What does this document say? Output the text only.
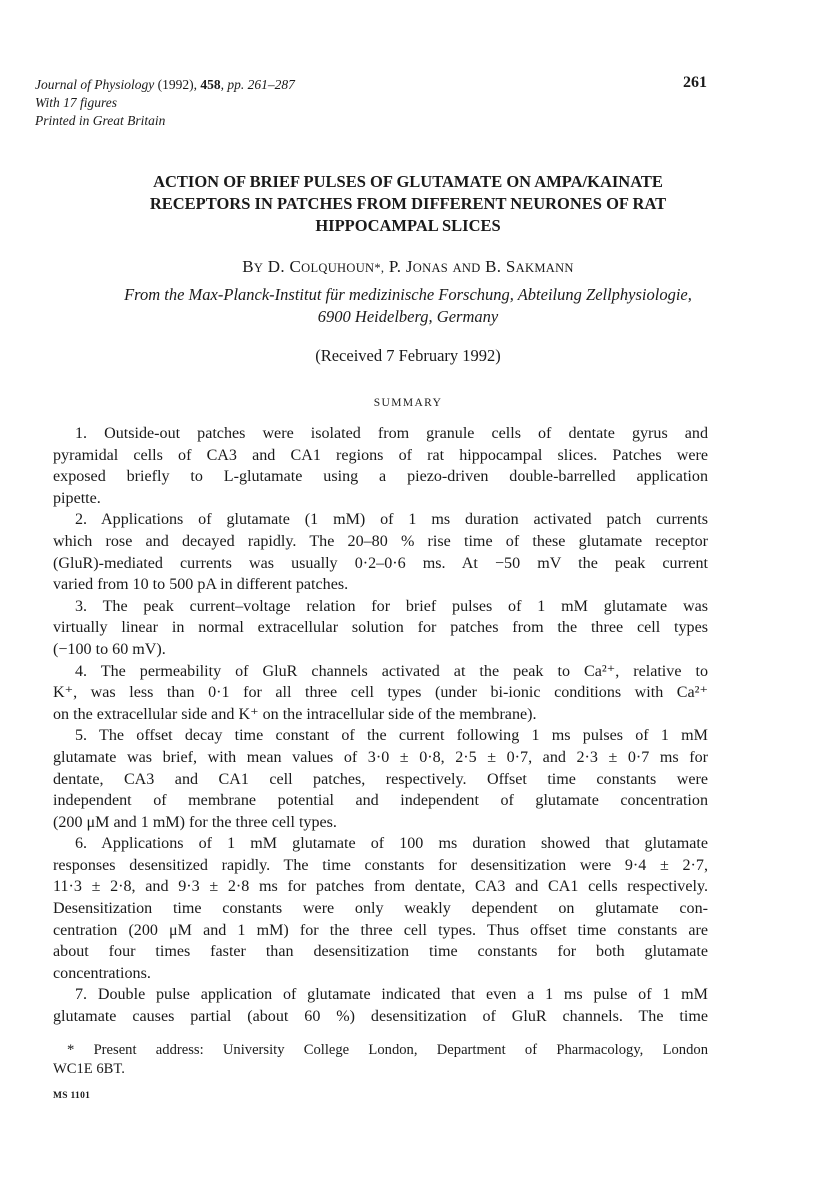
Journal of Physiology (1992), 458, pp. 261–287
With 17 figures
Printed in Great Britain
261
ACTION OF BRIEF PULSES OF GLUTAMATE ON AMPA/KAINATE
RECEPTORS IN PATCHES FROM DIFFERENT NEURONES OF RAT
HIPPOCAMPAL SLICES
BY D. COLQUHOUN*, P. JONAS AND B. SAKMANN
From the Max-Planck-Institut für medizinische Forschung, Abteilung Zellphysiologie,
6900 Heidelberg, Germany
(Received 7 February 1992)
SUMMARY
1. Outside-out patches were isolated from granule cells of dentate gyrus and
pyramidal cells of CA3 and CA1 regions of rat hippocampal slices. Patches were
exposed briefly to L-glutamate using a piezo-driven double-barrelled application
pipette.
2. Applications of glutamate (1 mM) of 1 ms duration activated patch currents
which rose and decayed rapidly. The 20–80 % rise time of these glutamate receptor
(GluR)-mediated currents was usually 0·2–0·6 ms. At −50 mV the peak current
varied from 10 to 500 pA in different patches.
3. The peak current–voltage relation for brief pulses of 1 mM glutamate was
virtually linear in normal extracellular solution for patches from the three cell types
(−100 to 60 mV).
4. The permeability of GluR channels activated at the peak to Ca²⁺, relative to
K⁺, was less than 0·1 for all three cell types (under bi-ionic conditions with Ca²⁺
on the extracellular side and K⁺ on the intracellular side of the membrane).
5. The offset decay time constant of the current following 1 ms pulses of 1 mM
glutamate was brief, with mean values of 3·0 ± 0·8, 2·5 ± 0·7, and 2·3 ± 0·7 ms for
dentate, CA3 and CA1 cell patches, respectively. Offset time constants were
independent of membrane potential and independent of glutamate concentration
(200 μM and 1 mM) for the three cell types.
6. Applications of 1 mM glutamate of 100 ms duration showed that glutamate
responses desensitized rapidly. The time constants for desensitization were 9·4 ± 2·7,
11·3 ± 2·8, and 9·3 ± 2·8 ms for patches from dentate, CA3 and CA1 cells respectively.
Desensitization time constants were only weakly dependent on glutamate con-
centration (200 μM and 1 mM) for the three cell types. Thus offset time constants are
about four times faster than desensitization time constants for both glutamate
concentrations.
7. Double pulse application of glutamate indicated that even a 1 ms pulse of 1 mM
glutamate causes partial (about 60 %) desensitization of GluR channels. The time
* Present address: University College London, Department of Pharmacology, London
WC1E 6BT.
MS 1101
